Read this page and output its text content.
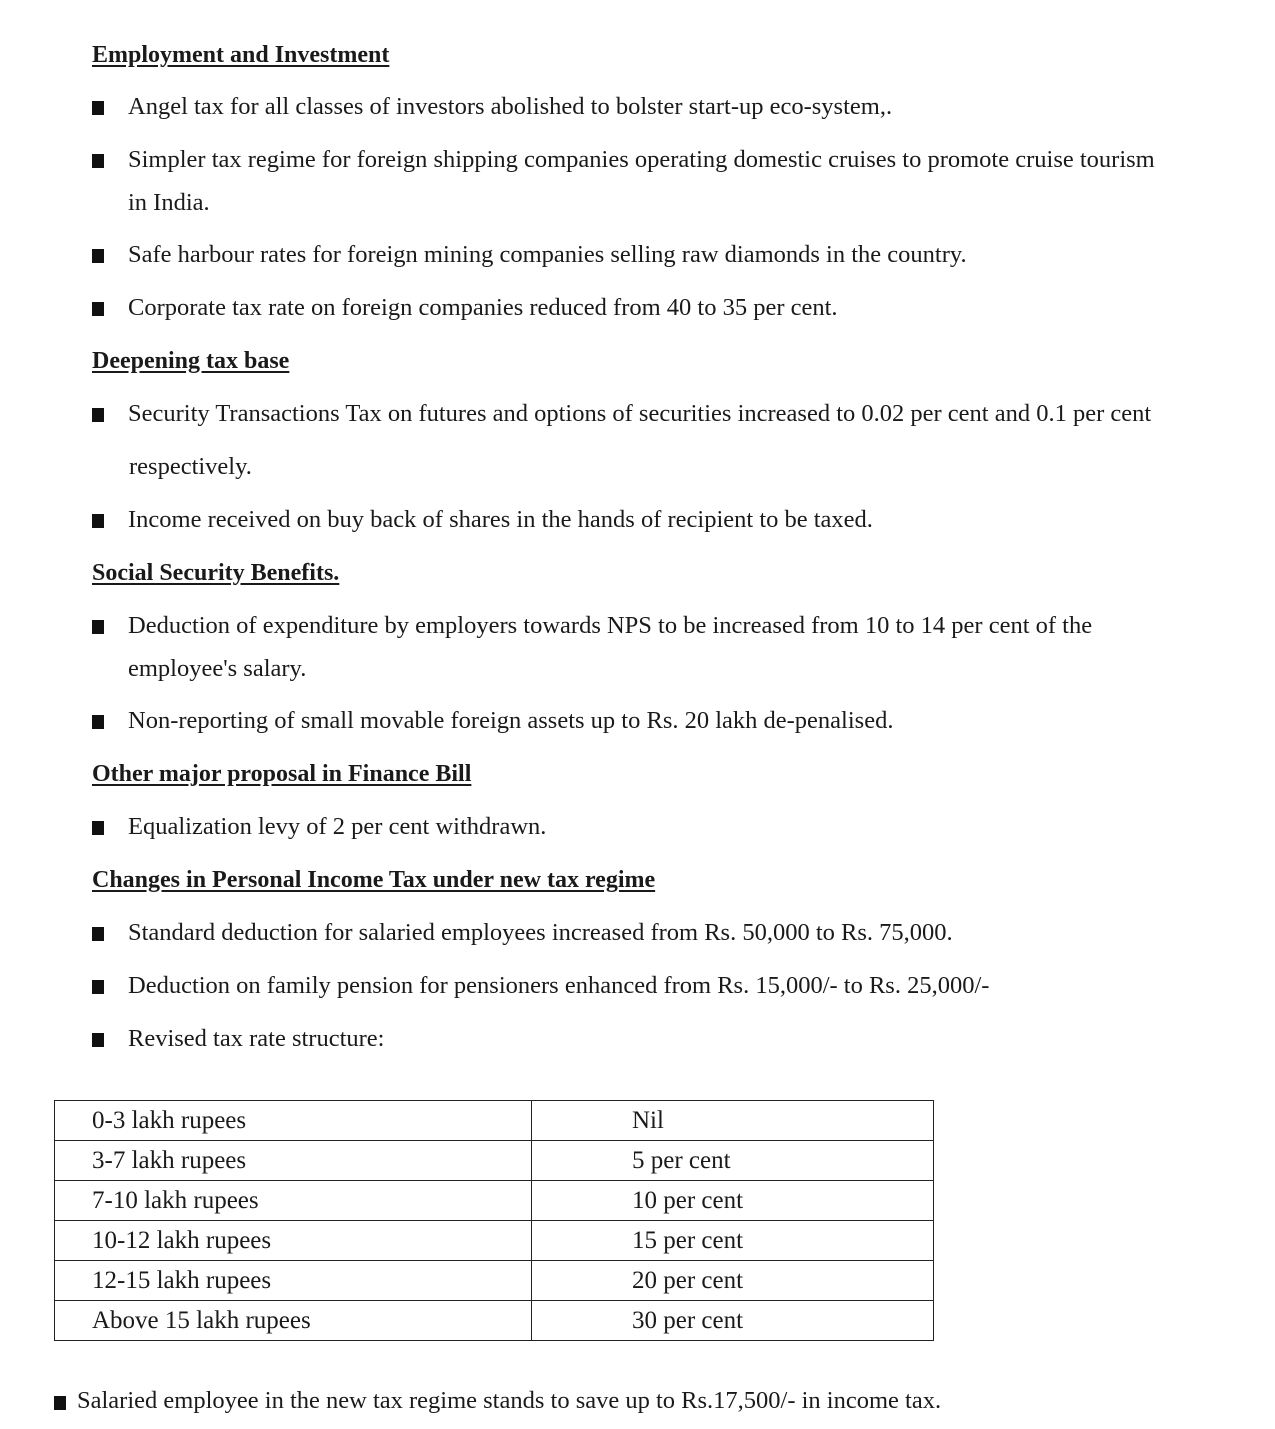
Employment and Investment
Angel tax for all classes of investors abolished to bolster start-up eco-system,.
Simpler tax regime for foreign shipping companies operating domestic cruises to promote cruise tourism
in India.
Safe harbour rates for foreign mining companies selling raw diamonds in the country.
Corporate tax rate on foreign companies reduced from 40 to 35 per cent.
Deepening tax base
Security Transactions Tax on futures and options of securities increased to 0.02 per cent and 0.1 per cent
respectively.
Income received on buy back of shares in the hands of recipient to be taxed.
Social Security Benefits.
Deduction of expenditure by employers towards NPS to be increased from 10 to 14 per cent of the
employee's salary.
Non-reporting of small movable foreign assets up to Rs. 20 lakh de-penalised.
Other major proposal in Finance Bill
Equalization levy of 2 per cent withdrawn.
Changes in Personal Income Tax under new tax regime
Standard deduction for salaried employees increased from Rs. 50,000 to Rs. 75,000.
Deduction on family pension for pensioners enhanced from Rs. 15,000/- to Rs. 25,000/-
Revised tax rate structure:
0-3 lakh rupees	Nil
3-7 lakh rupees	5 per cent
7-10 lakh rupees	10 per cent
10-12 lakh rupees	15 per cent
12-15 lakh rupees	20 per cent
Above 15 lakh rupees	30 per cent
Salaried employee in the new tax regime stands to save up to Rs.17,500/- in income tax.
